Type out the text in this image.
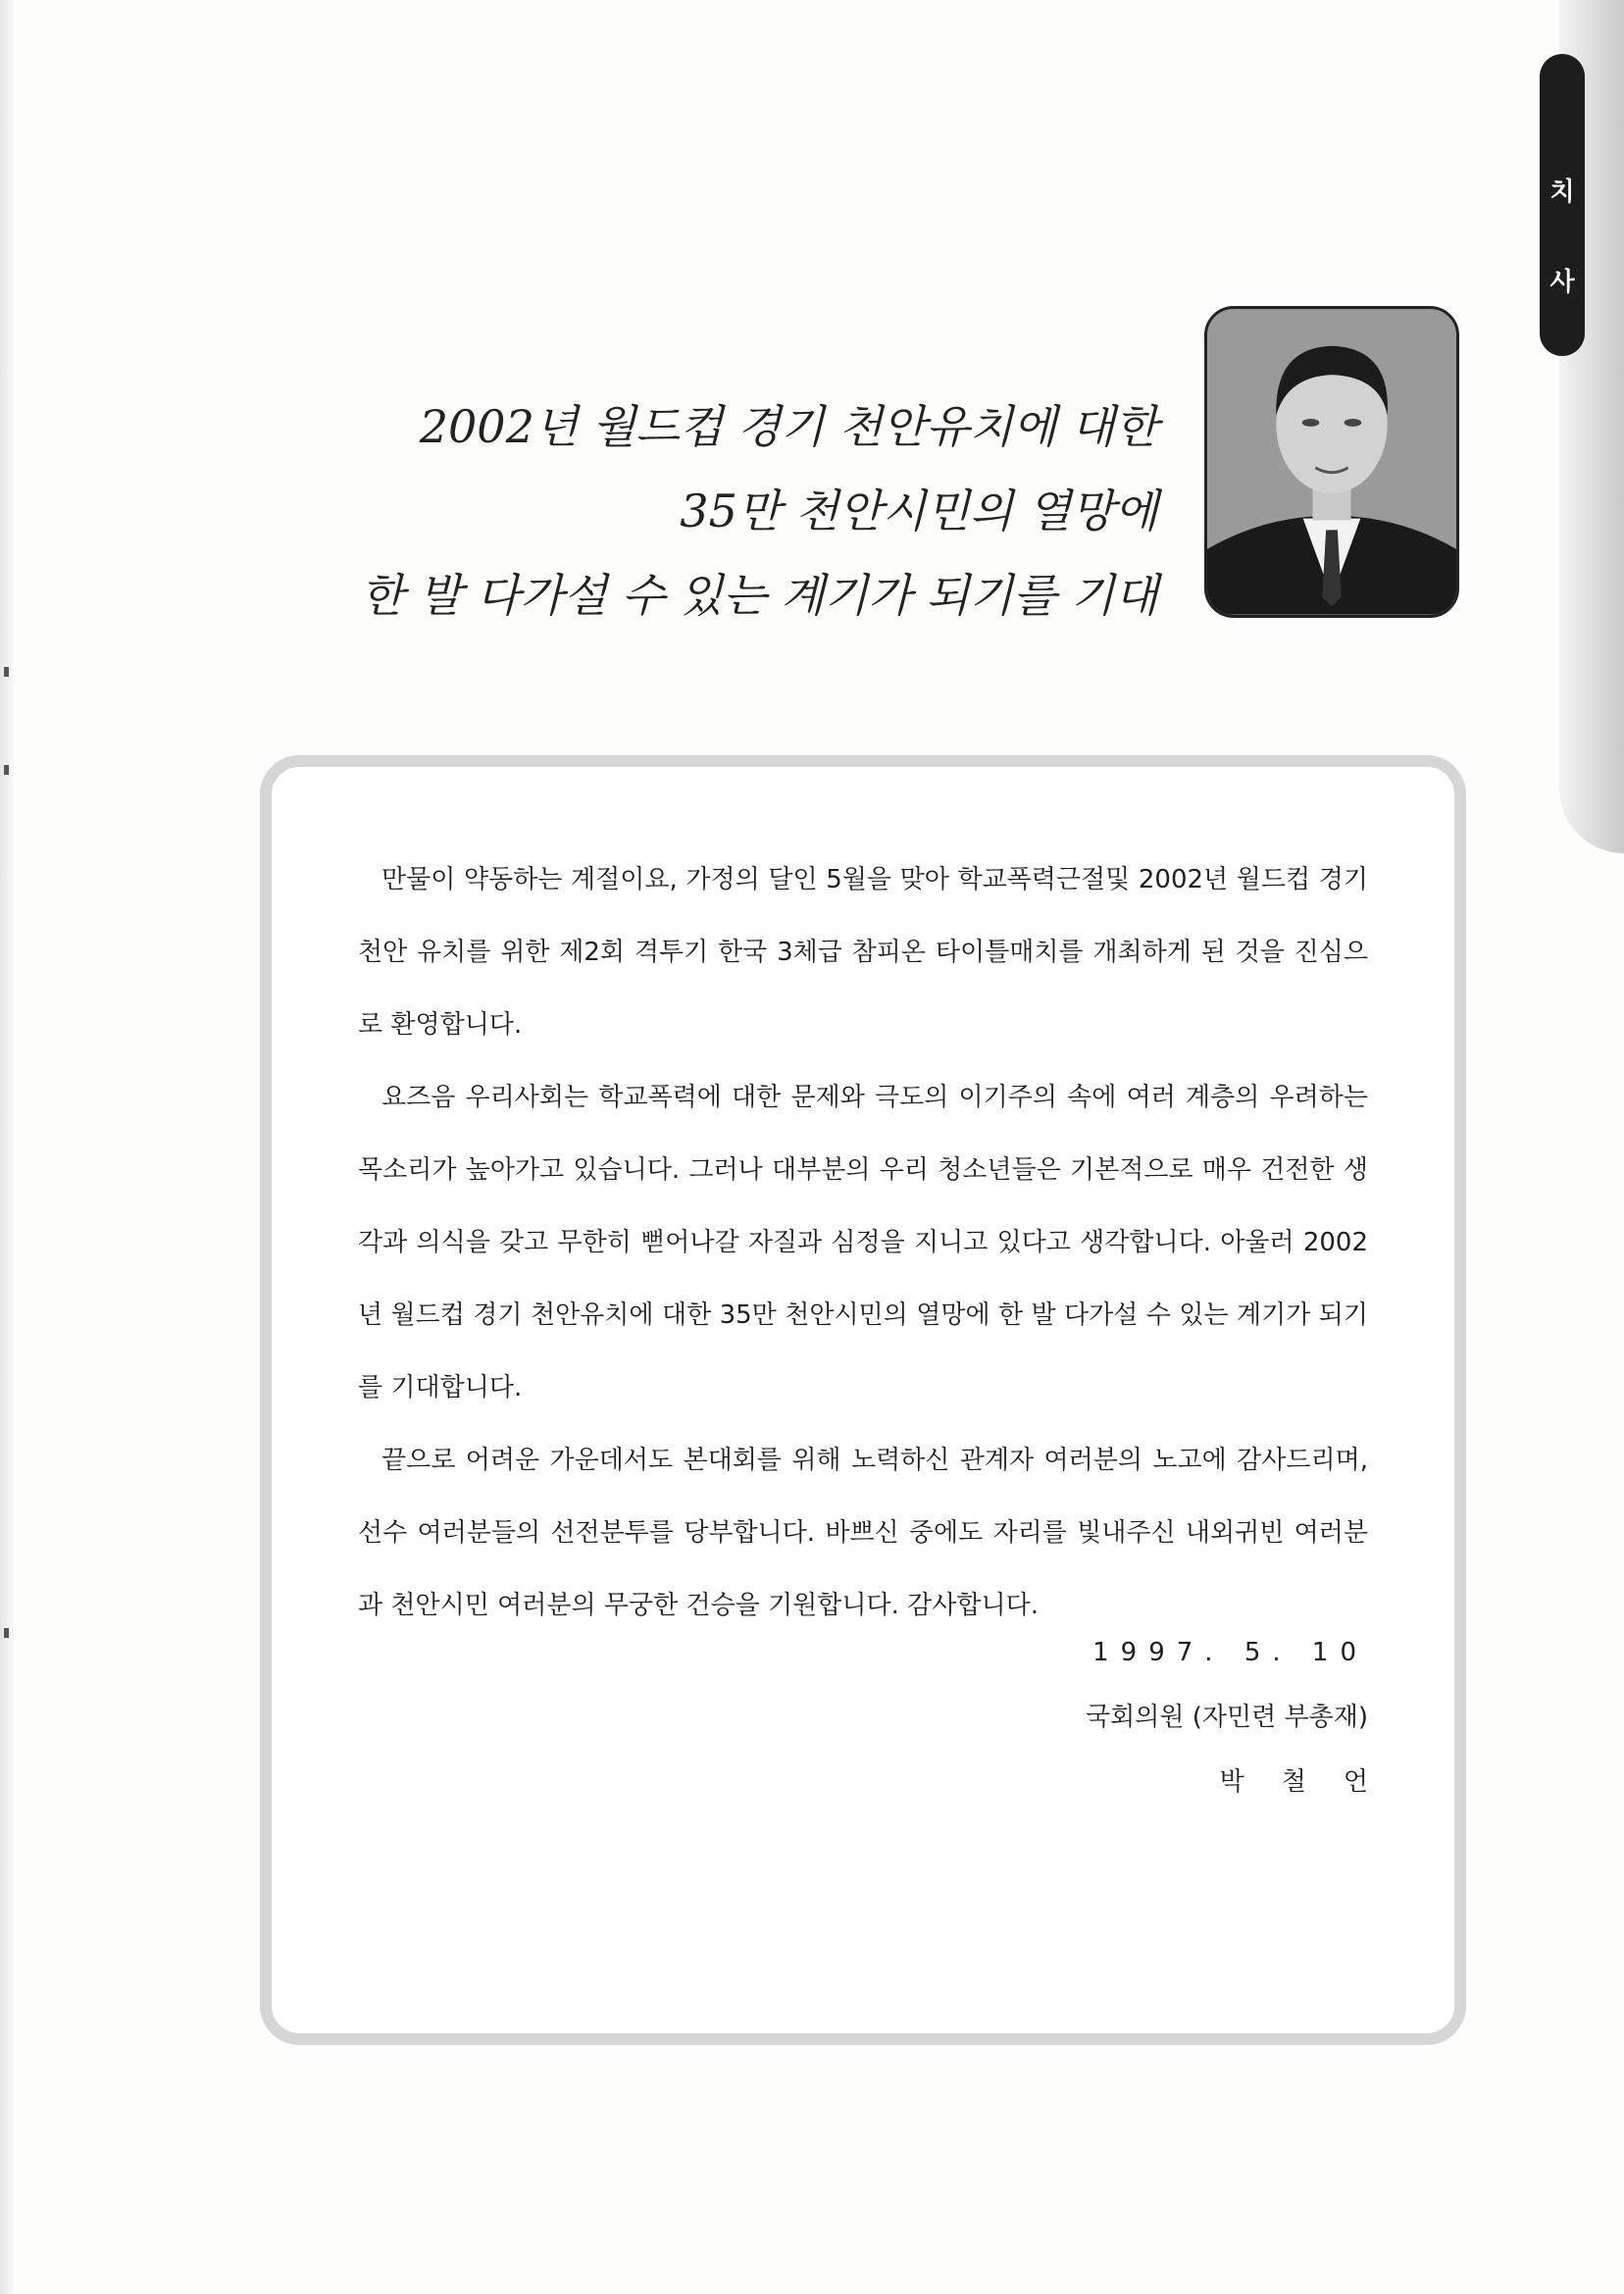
치
사
2002년 월드컵 경기 천안유치에 대한
35만 천안시민의 열망에
한 발 다가설 수 있는 계기가 되기를 기대

만물이 약동하는 계절이요, 가정의 달인 5월을 맞아 학교폭력근절및 2002년 월드컵 경기 천안 유치를 위한 제2회 격투기 한국 3체급 참피온 타이틀매치를 개최하게 된 것을 진심으로 환영합니다.

요즈음 우리사회는 학교폭력에 대한 문제와 극도의 이기주의 속에 여러 계층의 우려하는 목소리가 높아가고 있습니다. 그러나 대부분의 우리 청소년들은 기본적으로 매우 건전한 생각과 의식을 갖고 무한히 뻗어나갈 자질과 심정을 지니고 있다고 생각합니다. 아울러 2002년 월드컵 경기 천안유치에 대한 35만 천안시민의 열망에 한 발 다가설 수 있는 계기가 되기를 기대합니다.

끝으로 어려운 가운데서도 본대회를 위해 노력하신 관계자 여러분의 노고에 감사드리며, 선수 여러분들의 선전분투를 당부합니다. 바쁘신 중에도 자리를 빛내주신 내외귀빈 여러분과 천안시민 여러분의 무궁한 건승을 기원합니다. 감사합니다.

1997. 5. 10
국회의원 (자민련 부총재)
박철언
